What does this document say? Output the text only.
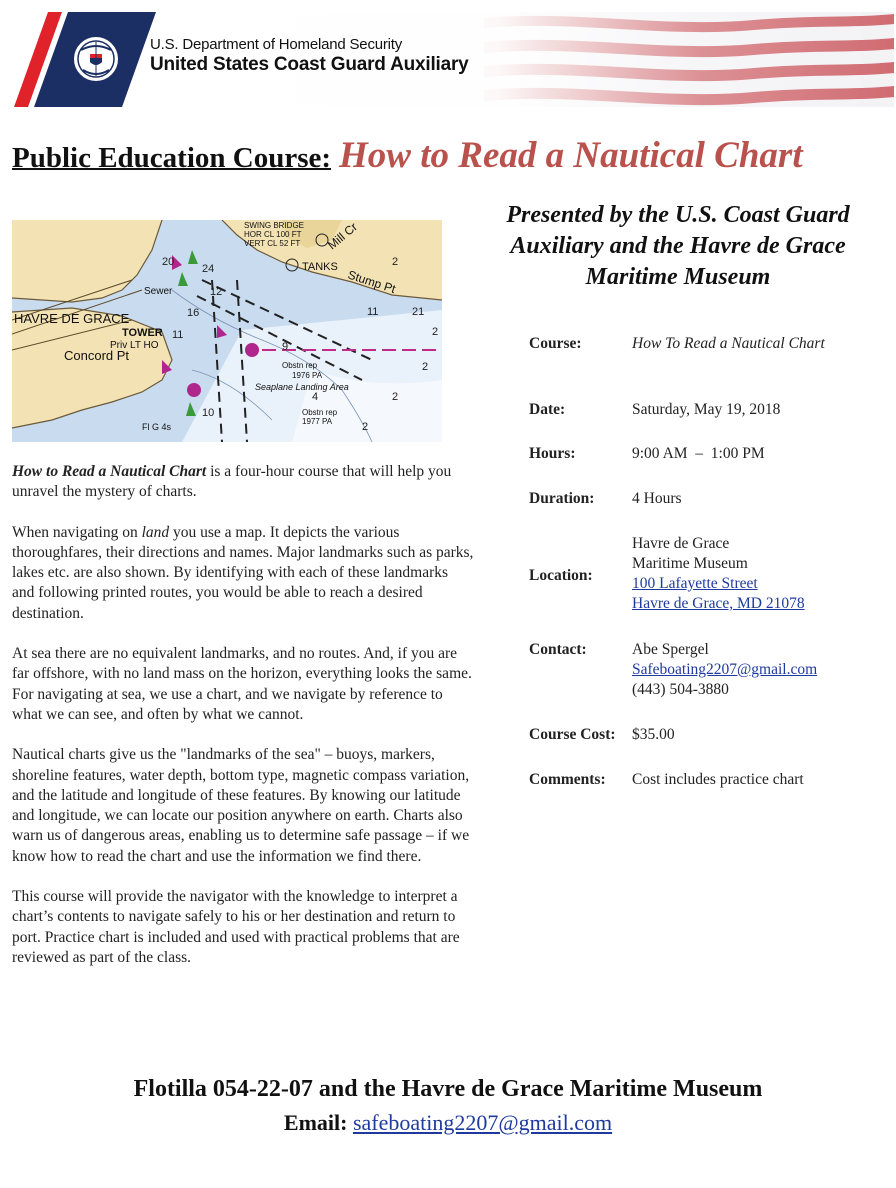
U.S. Department of Homeland Security
United States Coast Guard Auxiliary
Public Education Course: How to Read a Nautical Chart
SWING BRIDGE
HOR CL 100 FT
VERT CL 52 FT
TANKS
Stump Pt
Mill Cr
HAVRE DE GRACE
TOWER
Priv LT HO
Concord Pt
Sewer
Obstn rep
1976 PA
Seaplane Landing Area
Obstn rep
1977 PA
Fl G 4s
2
21
11
2
2
2
2
4
9
20
24
12
16
11
10

How to Read a Nautical Chart is a four-hour course that will help you unravel the mystery of charts.

When navigating on land you use a map. It depicts the various thoroughfares, their directions and names. Major landmarks such as parks, lakes etc. are also shown. By identifying with each of these landmarks and following printed routes, you would be able to reach a desired destination.

At sea there are no equivalent landmarks, and no routes. And, if you are far offshore, with no land mass on the horizon, everything looks the same. For navigating at sea, we use a chart, and we navigate by reference to what we can see, and often by what we cannot.

Nautical charts give us the "landmarks of the sea" – buoys, markers, shoreline features, water depth, bottom type, magnetic compass variation, and the latitude and longitude of these features. By knowing our latitude and longitude, we can locate our position anywhere on earth. Charts also warn us of dangerous areas, enabling us to determine safe passage – if we know how to read the chart and use the information we find there.

This course will provide the navigator with the knowledge to interpret a chart’s contents to navigate safely to his or her destination and return to port. Practice chart is included and used with practical problems that are reviewed as part of the class.

Presented by the U.S. Coast Guard Auxiliary and the Havre de Grace Maritime Museum
Course:	How To Read a Nautical Chart
Date:	Saturday, May 19, 2018
Hours:	9:00 AM  –  1:00 PM
Duration: 4 Hours
Location:
Havre de Grace
Maritime Museum
100 Lafayette Street
Havre de Grace, MD 21078
Contact:	Abe Spergel
Safeboating2207@gmail.com
(443) 504-3880
Course Cost: $35.00
Comments: Cost includes practice chart
Flotilla 054-22-07 and the Havre de Grace Maritime Museum
Email: safeboating2207@gmail.com
